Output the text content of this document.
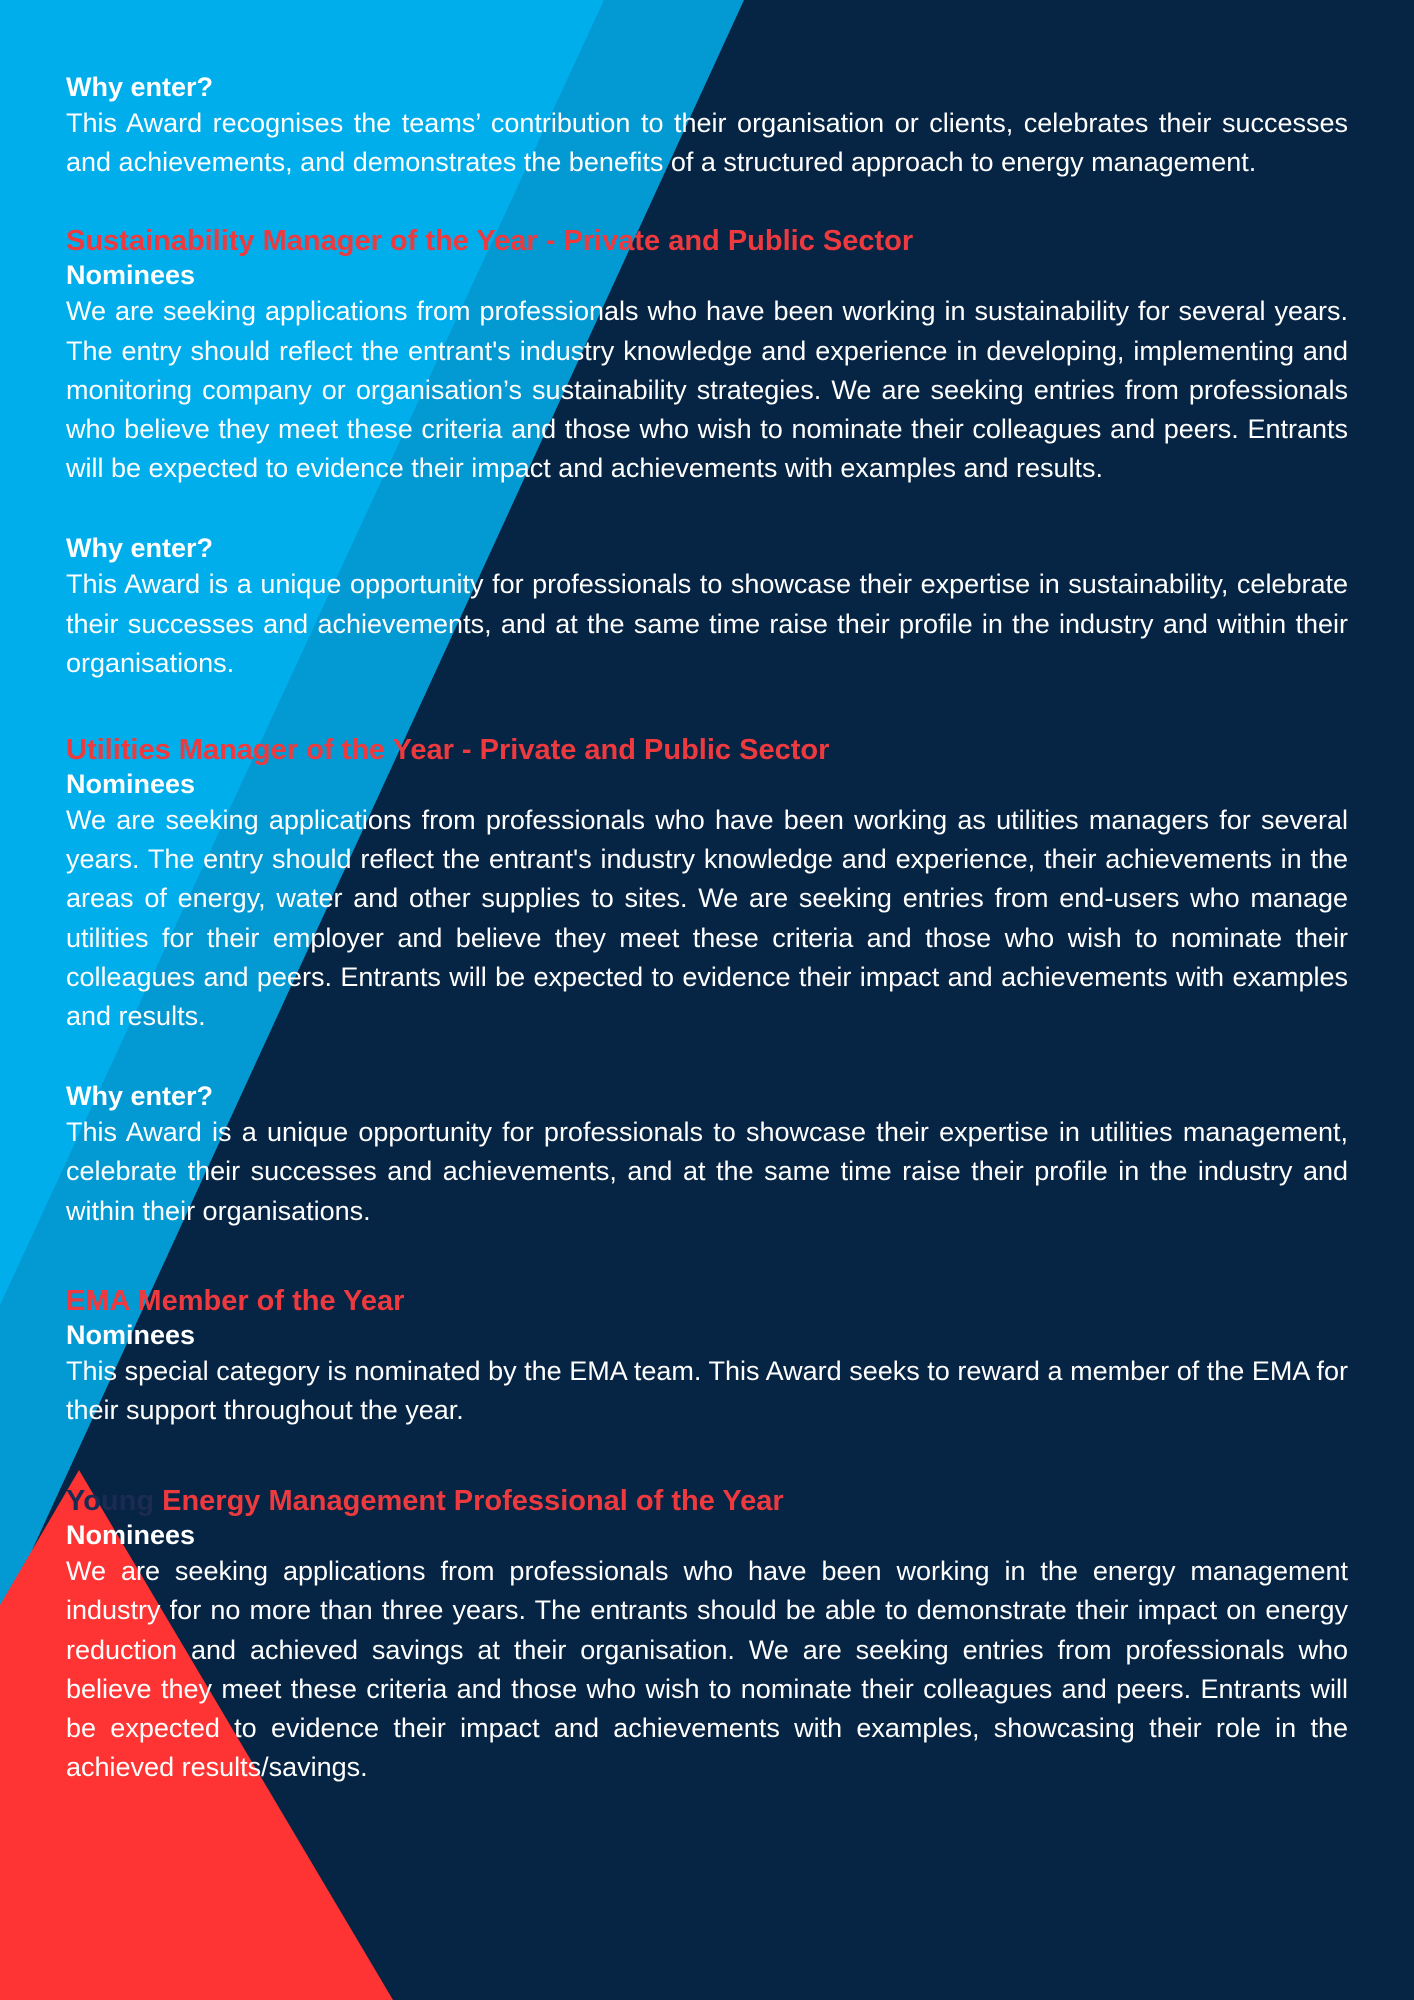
Why enter?

This Award recognises the teams’ contribution to their organisation or clients, celebrates their successes and achievements, and demonstrates the benefits of a structured approach to energy management.

Sustainability Manager of the Year - Private and Public Sector

Nominees

We are seeking applications from professionals who have been working in sustainability for several years. The entry should reflect the entrant's industry knowledge and experience in developing, implementing and monitoring company or organisation’s sustainability strategies. We are seeking entries from professionals who believe they meet these criteria and those who wish to nominate their colleagues and peers. Entrants will be expected to evidence their impact and achievements with examples and results.

Why enter?

This Award is a unique opportunity for professionals to showcase their expertise in sustainability, celebrate their successes and achievements, and at the same time raise their profile in the industry and within their organisations.

Utilities Manager of the Year - Private and Public Sector

Nominees

We are seeking applications from professionals who have been working as utilities managers for several years. The entry should reflect the entrant's industry knowledge and experience, their achievements in the areas of energy, water and other supplies to sites. We are seeking entries from end-users who manage utilities for their employer and believe they meet these criteria and those who wish to nominate their colleagues and peers. Entrants will be expected to evidence their impact and achievements with examples and results.

Why enter?

This Award is a unique opportunity for professionals to showcase their expertise in utilities management, celebrate their successes and achievements, and at the same time raise their profile in the industry and within their organisations.

EMA Member of the Year

Nominees

This special category is nominated by the EMA team. This Award seeks to reward a member of the EMA for their support throughout the year.

Young Energy Management Professional of the Year

Nominees

We are seeking applications from professionals who have been working in the energy management industry for no more than three years. The entrants should be able to demonstrate their impact on energy reduction and achieved savings at their organisation. We are seeking entries from professionals who believe they meet these criteria and those who wish to nominate their colleagues and peers. Entrants will be expected to evidence their impact and achievements with examples, showcasing their role in the achieved results/savings.
